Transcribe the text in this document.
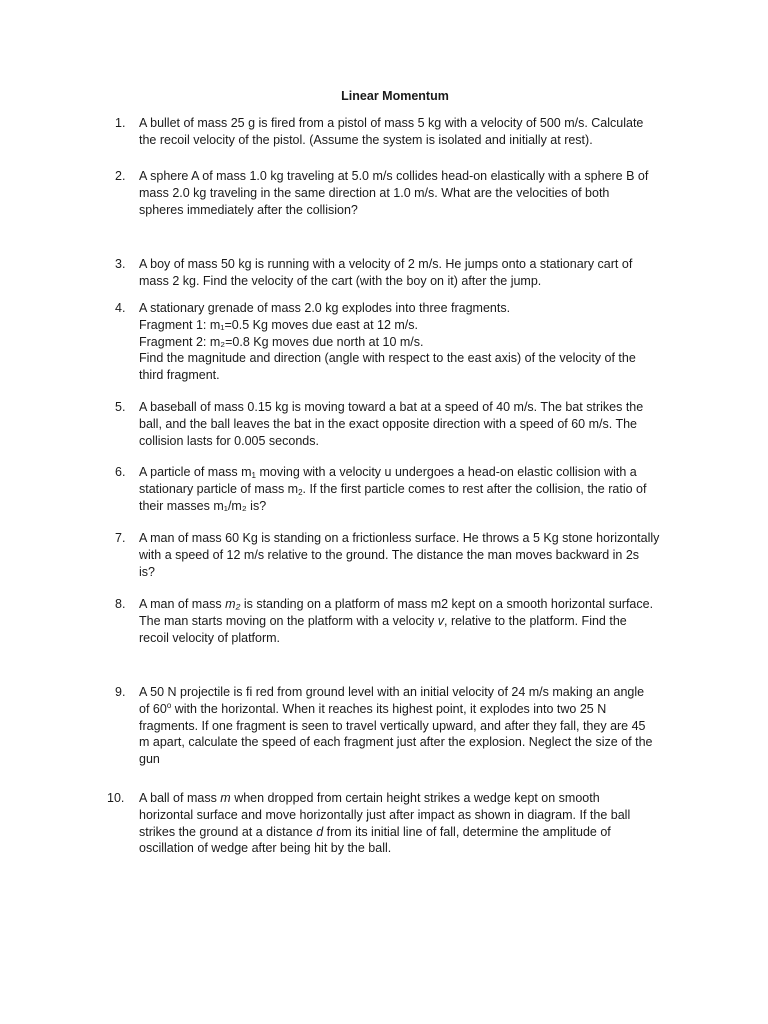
Linear Momentum
1.	A bullet of mass 25 g is fired from a pistol of mass 5 kg with a velocity of 500 m/s. Calculate
the recoil velocity of the pistol. (Assume the system is isolated and initially at rest).
2.	A sphere A of mass 1.0 kg traveling at 5.0 m/s collides head-on elastically with a sphere B of
mass 2.0 kg traveling in the same direction at 1.0 m/s. What are the velocities of both
spheres immediately after the collision?
3.	A boy of mass 50 kg is running with a velocity of 2 m/s. He jumps onto a stationary cart of
mass 2 kg. Find the velocity of the cart (with the boy on it) after the jump.
4.	A stationary grenade of mass 2.0 kg explodes into three fragments.
Fragment 1: m₁=0.5 Kg moves due east at 12 m/s.
Fragment 2: m₂=0.8 Kg moves due north at 10 m/s.
Find the magnitude and direction (angle with respect to the east axis) of the velocity of the
third fragment.
5.	A baseball of mass 0.15 kg is moving toward a bat at a speed of 40 m/s. The bat strikes the
ball, and the ball leaves the bat in the exact opposite direction with a speed of 60 m/s. The
collision lasts for 0.005 seconds.
6.	A particle of mass $m_1$ moving with a velocity u undergoes a head-on elastic collision with a
stationary particle of mass $m_2$. If the first particle comes to rest after the collision, the ratio of
their masses m₁/m₂ is?
7.	A man of mass 60 Kg is standing on a frictionless surface. He throws a 5 Kg stone horizontally
with a speed of 12 m/s relative to the ground. The distance the man moves backward in 2s
is?
8.	A man of mass m₂ is standing on a platform of mass m2 kept on a smooth horizontal surface.
The man starts moving on the platform with a velocity v, relative to the platform. Find the
recoil velocity of platform.
9.	A 50 N projectile is fi red from ground level with an initial velocity of 24 m/s making an angle
of 60$^o$ with the horizontal. When it reaches its highest point, it explodes into two 25 N
fragments. If one fragment is seen to travel vertically upward, and after they fall, they are 45
m apart, calculate the speed of each fragment just after the explosion. Neglect the size of the
gun
10.	A ball of mass m when dropped from certain height strikes a wedge kept on smooth
horizontal surface and move horizontally just after impact as shown in diagram. If the ball
strikes the ground at a distance d from its initial line of fall, determine the amplitude of
oscillation of wedge after being hit by the ball.
